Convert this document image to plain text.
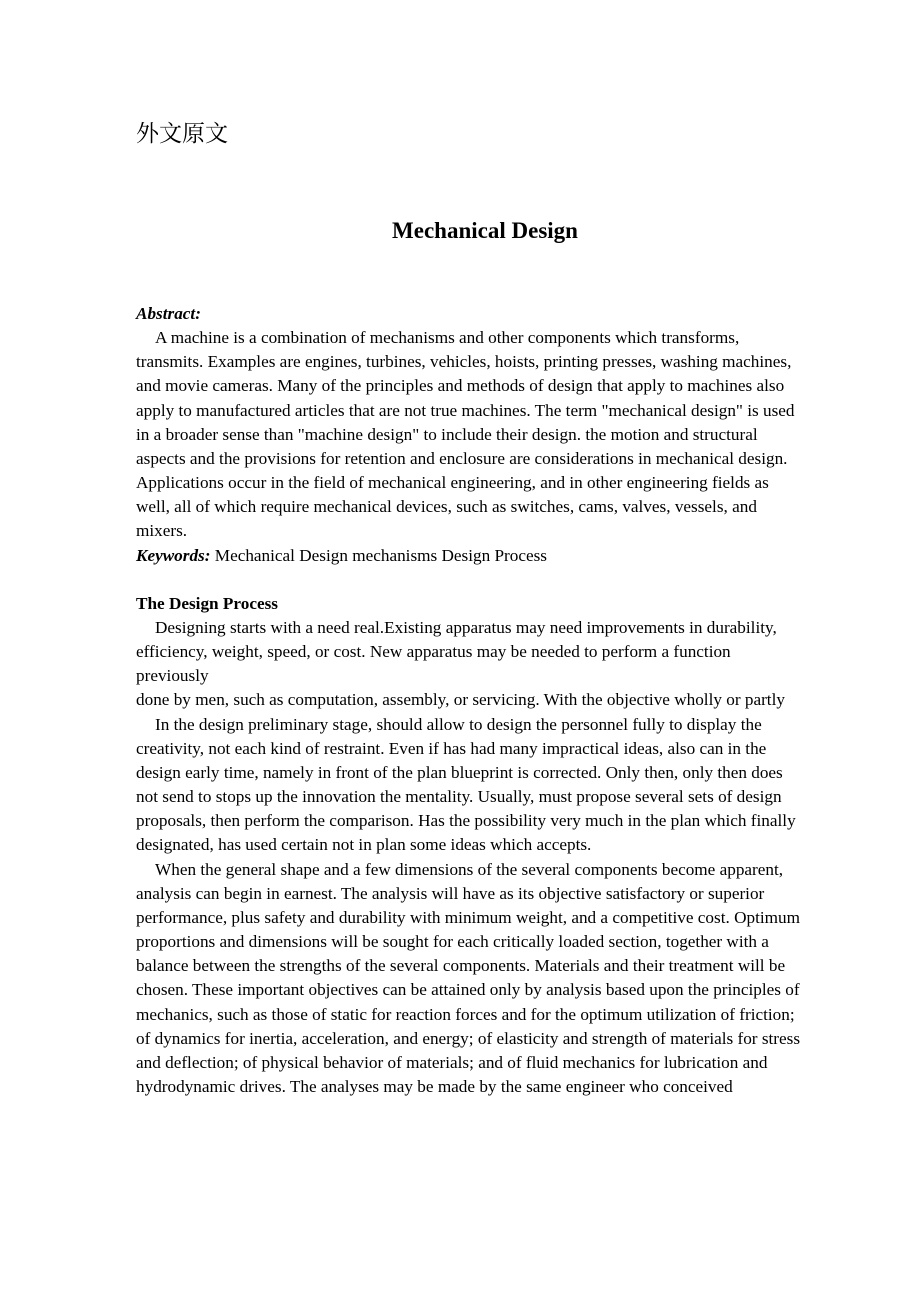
外文原文
Mechanical Design

Abstract:

A machine is a combination of mechanisms and other components which transforms, transmits. Examples are engines, turbines, vehicles, hoists, printing presses, washing machines, and movie cameras. Many of the principles and methods of design that apply to machines also apply to manufactured articles that are not true machines. The term "mechanical design" is used in a broader sense than "machine design" to include their design. the motion and structural aspects and the provisions for retention and enclosure are considerations in mechanical design. Applications occur in the field of mechanical engineering, and in other engineering fields as well, all of which require mechanical devices, such as switches, cams, valves, vessels, and mixers.

Keywords: Mechanical Design mechanisms Design Process

The Design Process

Designing starts with a need real.Existing apparatus may need improvements in durability, efficiency, weight, speed, or cost. New apparatus may be needed to perform a function previously

done by men, such as computation, assembly, or servicing. With the objective wholly or partly

In the design preliminary stage, should allow to design the personnel fully to display the creativity, not each kind of restraint. Even if has had many impractical ideas, also can in the design early time, namely in front of the plan blueprint is corrected. Only then, only then does not send to stops up the innovation the mentality. Usually, must propose several sets of design proposals, then perform the comparison. Has the possibility very much in the plan which finally designated, has used certain not in plan some ideas which accepts.

When the general shape and a few dimensions of the several components become apparent, analysis can begin in earnest. The analysis will have as its objective satisfactory or superior performance, plus safety and durability with minimum weight, and a competitive cost. Optimum proportions and dimensions will be sought for each critically loaded section, together with a balance between the strengths of the several components. Materials and their treatment will be chosen. These important objectives can be attained only by analysis based upon the principles of mechanics, such as those of static for reaction forces and for the optimum utilization of friction; of dynamics for inertia, acceleration, and energy; of elasticity and strength of materials for stress and deflection; of physical behavior of materials; and of fluid mechanics for lubrication and hydrodynamic drives. The analyses may be made by the same engineer who conceived
